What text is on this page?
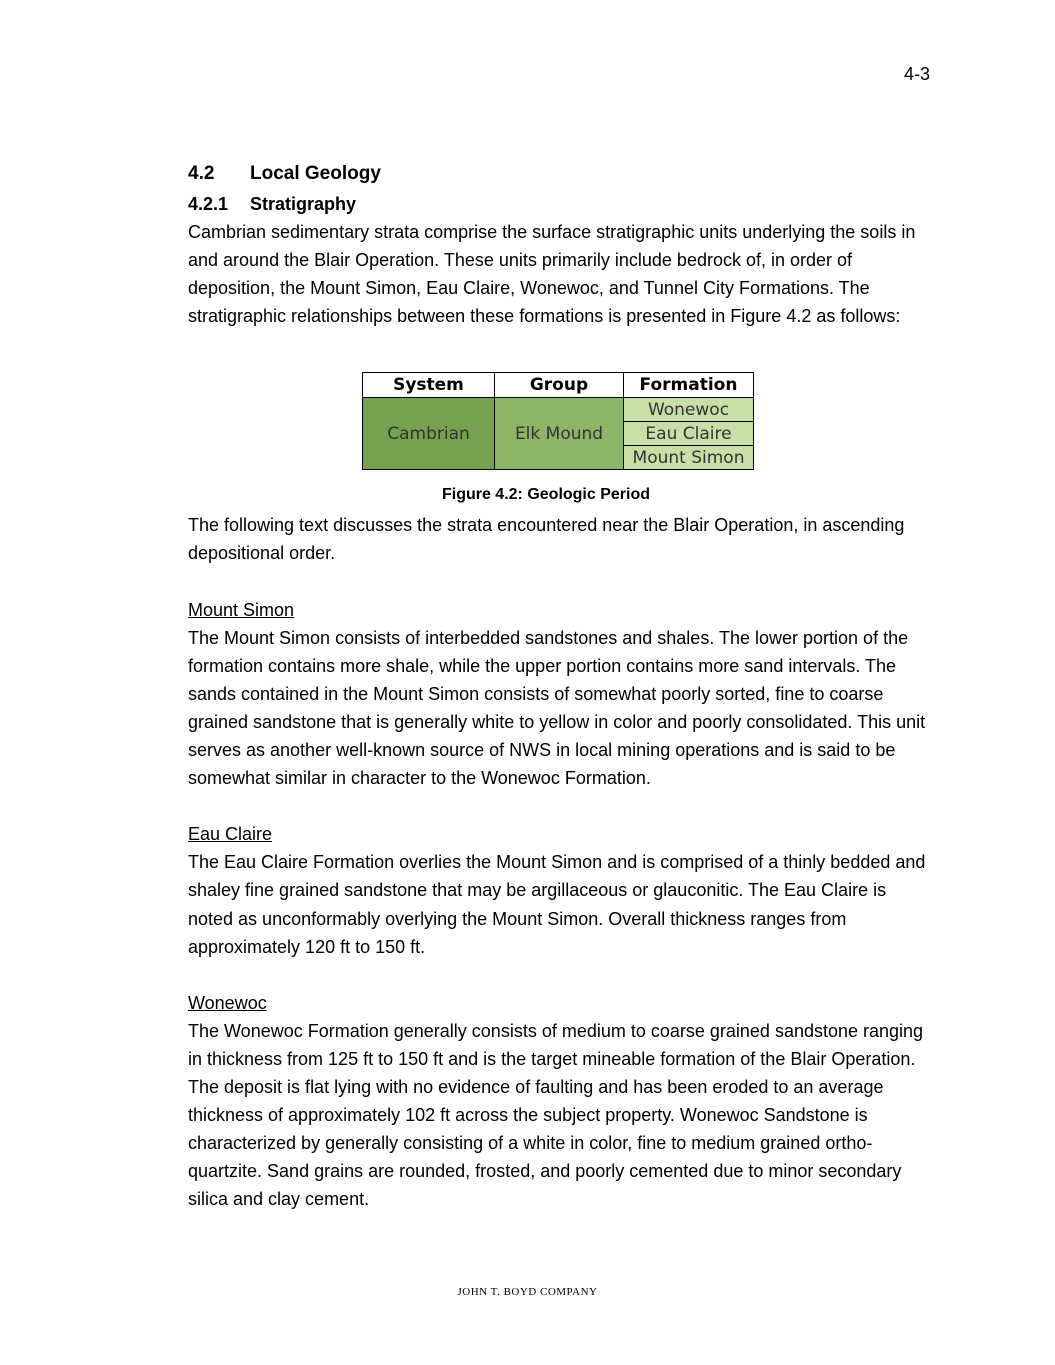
4-3
4.2 Local Geology
4.2.1 Stratigraphy

Cambrian sedimentary strata comprise the surface stratigraphic units underlying the soils in and around the Blair Operation. These units primarily include bedrock of, in order of deposition, the Mount Simon, Eau Claire, Wonewoc, and Tunnel City Formations. The stratigraphic relationships between these formations is presented in Figure 4.2 as follows:

The following text discusses the strata encountered near the Blair Operation, in ascending depositional order.

Mount Simon

The Mount Simon consists of interbedded sandstones and shales. The lower portion of the formation contains more shale, while the upper portion contains more sand intervals. The sands contained in the Mount Simon consists of somewhat poorly sorted, fine to coarse grained sandstone that is generally white to yellow in color and poorly consolidated. This unit serves as another well-known source of NWS in local mining operations and is said to be somewhat similar in character to the Wonewoc Formation.

Eau Claire

The Eau Claire Formation overlies the Mount Simon and is comprised of a thinly bedded and shaley fine grained sandstone that may be argillaceous or glauconitic. The Eau Claire is noted as unconformably overlying the Mount Simon. Overall thickness ranges from approximately 120 ft to 150 ft.

Wonewoc

The Wonewoc Formation generally consists of medium to coarse grained sandstone ranging in thickness from 125 ft to 150 ft and is the target mineable formation of the Blair Operation. The deposit is flat lying with no evidence of faulting and has been eroded to an average thickness of approximately 102 ft across the subject property. Wonewoc Sandstone is characterized by generally consisting of a white in color, fine to medium grained ortho-quartzite. Sand grains are rounded, frosted, and poorly cemented due to minor secondary silica and clay cement.

System	Group	Formation
Cambrian	Elk Mound	Wonewoc
		Eau Claire
		Mount Simon
Figure 4.2: Geologic Period
JOHN T. BOYD COMPANY
